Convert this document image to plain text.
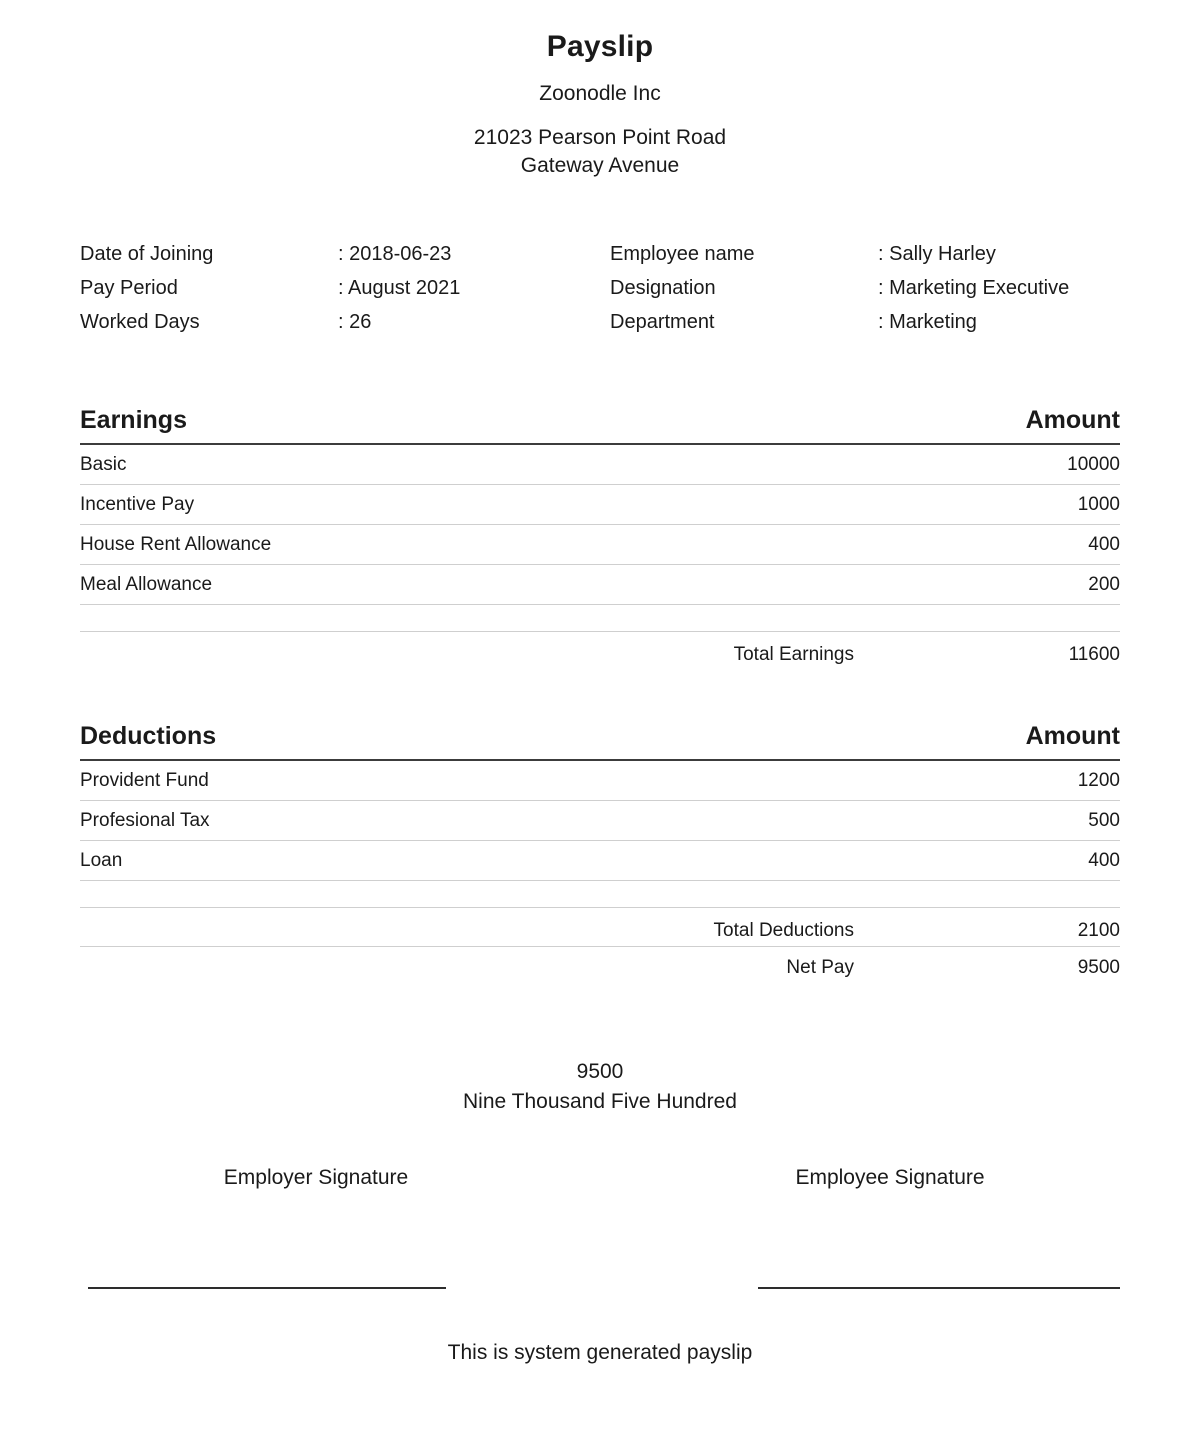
Payslip
Zoonodle Inc
21023 Pearson Point Road
Gateway Avenue
Date of Joining	: 2018-06-23	Employee name	: Sally Harley
Pay Period	: August 2021	Designation	: Marketing Executive
Worked Days	: 26	Department	: Marketing
Earnings	Amount
Basic	10000
Incentive Pay	1000
House Rent Allowance	400
Meal Allowance	200

Total Earnings	11600
Deductions	Amount
Provident Fund	1200
Profesional Tax	500
Loan	400

Total Deductions	2100
Net Pay	9500
9500
Nine Thousand Five Hundred
Employer Signature	Employee Signature
This is system generated payslip
